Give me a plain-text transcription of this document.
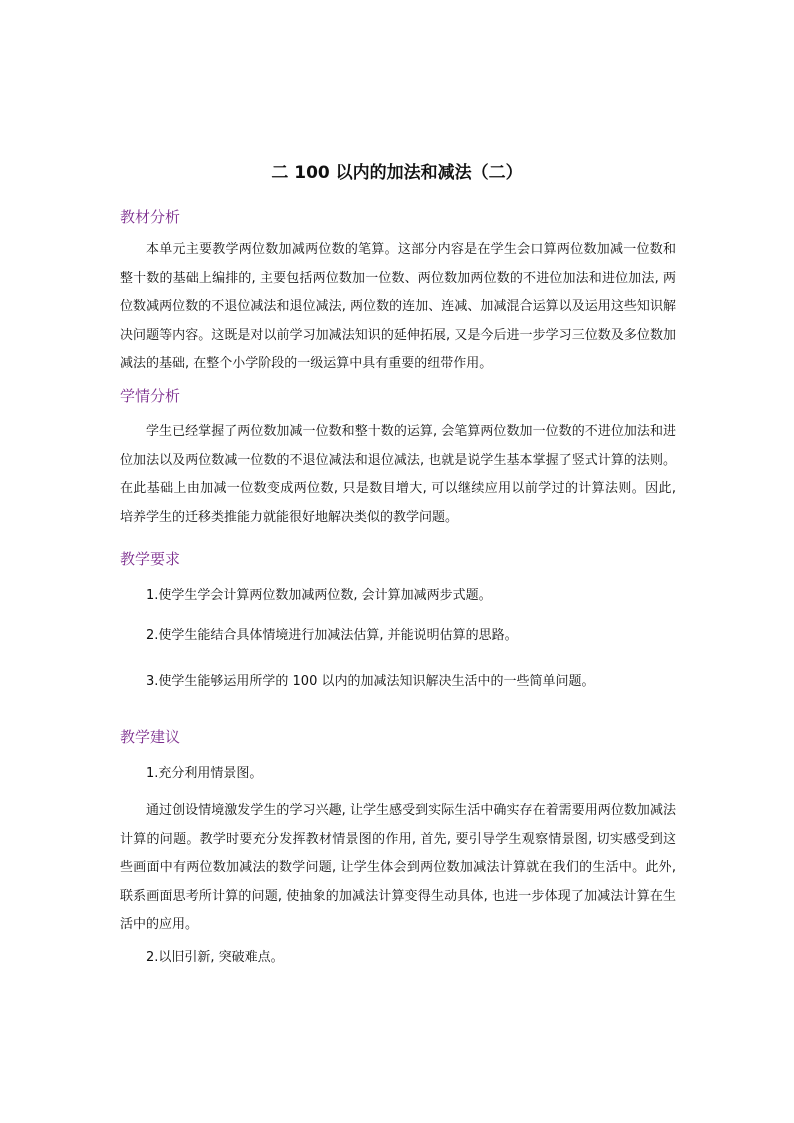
二 100 以内的加法和减法（二）
教材分析

本单元主要教学两位数加减两位数的笔算。这部分内容是在学生会口算两位数加减一位数和整十数的基础上编排的, 主要包括两位数加一位数、两位数加两位数的不进位加法和进位加法, 两位数减两位数的不退位减法和退位减法, 两位数的连加、连减、加减混合运算以及运用这些知识解决问题等内容。这既是对以前学习加减法知识的延伸拓展, 又是今后进一步学习三位数及多位数加减法的基础, 在整个小学阶段的一级运算中具有重要的纽带作用。

学情分析

学生已经掌握了两位数加减一位数和整十数的运算, 会笔算两位数加一位数的不进位加法和进位加法以及两位数减一位数的不退位减法和退位减法, 也就是说学生基本掌握了竖式计算的法则。在此基础上由加减一位数变成两位数, 只是数目增大, 可以继续应用以前学过的计算法则。因此, 培养学生的迁移类推能力就能很好地解决类似的教学问题。

教学要求

1.使学生学会计算两位数加减两位数, 会计算加减两步式题。

2.使学生能结合具体情境进行加减法估算, 并能说明估算的思路。

3.使学生能够运用所学的 100 以内的加减法知识解决生活中的一些简单问题。

教学建议

1.充分利用情景图。

通过创设情境激发学生的学习兴趣, 让学生感受到实际生活中确实存在着需要用两位数加减法计算的问题。教学时要充分发挥教材情景图的作用, 首先, 要引导学生观察情景图, 切实感受到这些画面中有两位数加减法的数学问题, 让学生体会到两位数加减法计算就在我们的生活中。此外, 联系画面思考所计算的问题, 使抽象的加减法计算变得生动具体, 也进一步体现了加减法计算在生活中的应用。

2.以旧引新, 突破难点。
